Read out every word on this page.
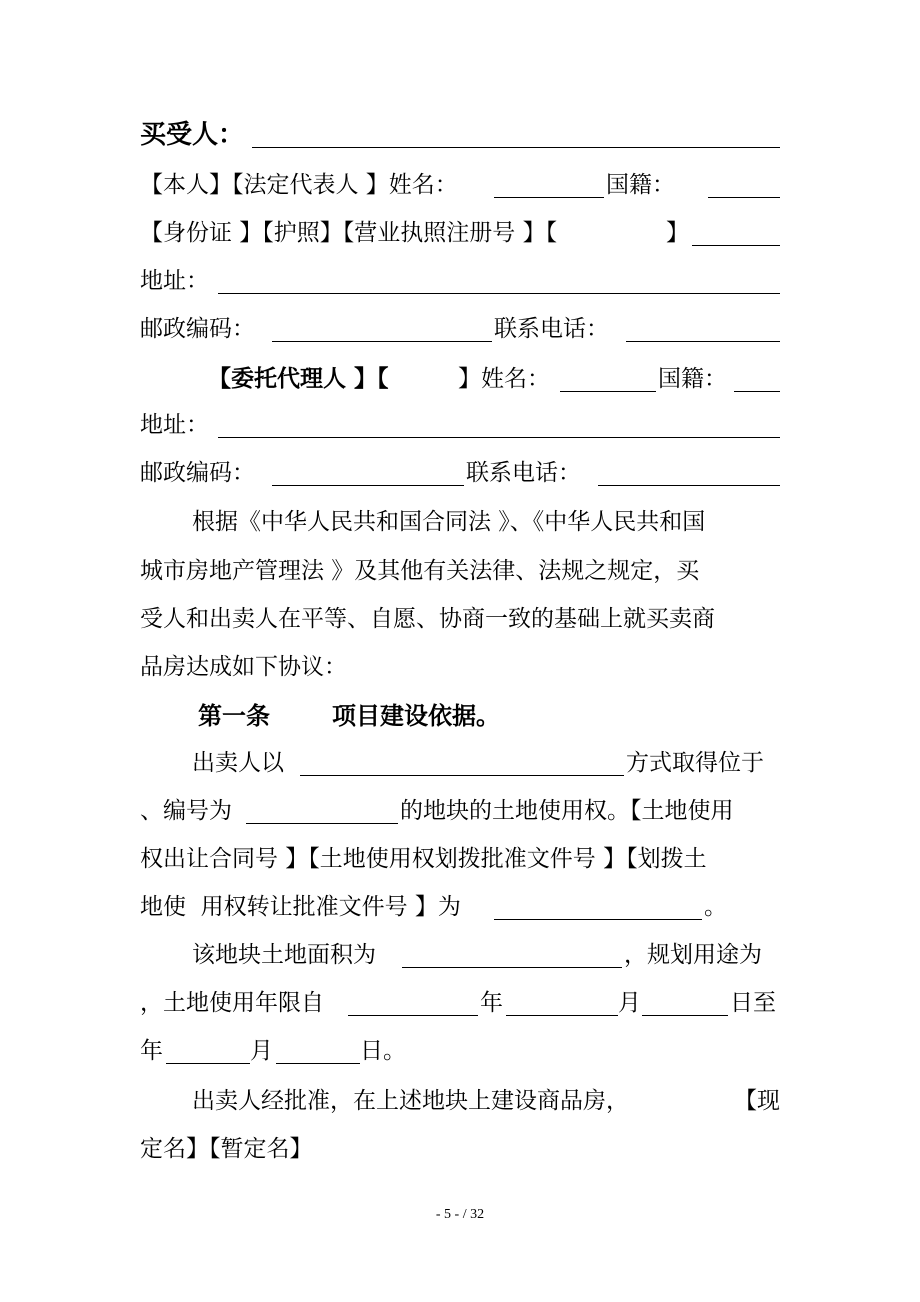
买受人：
【本人】【法定代表人 】姓名：	国籍：
【身份证 】【护照】【营业执照注册号 】【	】
地址：
邮政编码：	联系电话：
【委托代理人 】【	】姓名：	国籍：
地址：
邮政编码：	联系电话：
根据《中华人民共和国合同法 》、《中华人民共和国
城市房地产管理法 》及其他有关法律、法规之规定，买
受人和出卖人在平等、自愿、协商一致的基础上就买卖商
品房达成如下协议：
第一条	项目建设依据。
出卖人以	方式取得位于
、编号为	的地块的土地使用权。【土地使用
权出让合同号 】【土地使用权划拨批准文件号 】【划拨土
地使  用权转让批准文件号 】为	。
该地块土地面积为	，规划用途为
，土地使用年限自	年	月	日至
年	月	日。
出卖人经批准，在上述地块上建设商品房，	【现
定名】【暂定名】
- 5 - / 32
